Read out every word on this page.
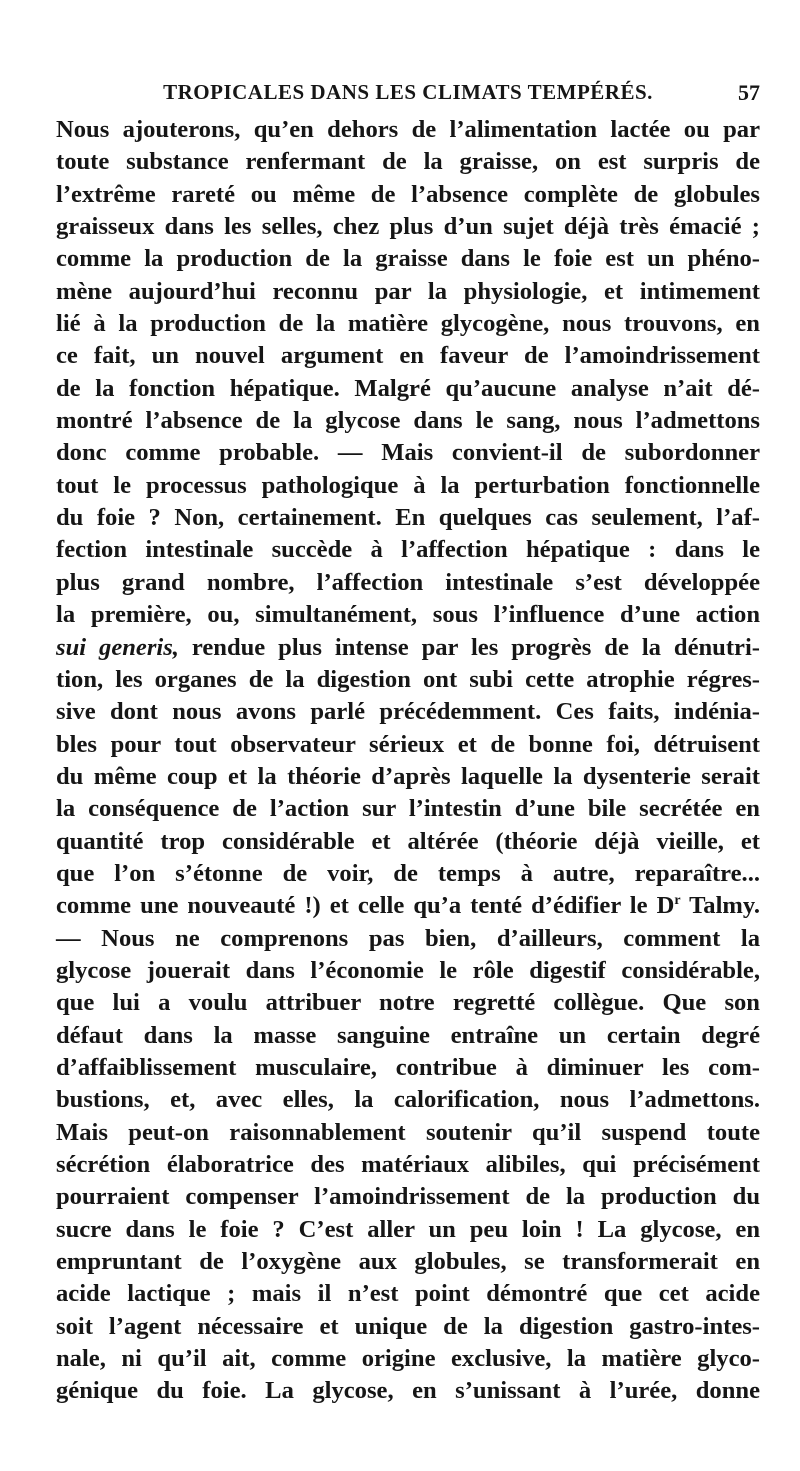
TROPICALES DANS LES CLIMATS TEMPÉRÉS.	57
Nous ajouterons, qu’en dehors de l’alimentation lactée ou par
toute substance renfermant de la graisse, on est surpris de
l’extrême rareté ou même de l’absence complète de globules
graisseux dans les selles, chez plus d’un sujet déjà très émacié ;
comme la production de la graisse dans le foie est un phéno-
mène aujourd’hui reconnu par la physiologie, et intimement
lié à la production de la matière glycogène, nous trouvons, en
ce fait, un nouvel argument en faveur de l’amoindrissement
de la fonction hépatique. Malgré qu’aucune analyse n’ait dé-
montré l’absence de la glycose dans le sang, nous l’admettons
donc comme probable. — Mais convient-il de subordonner
tout le processus pathologique à la perturbation fonctionnelle
du foie ? Non, certainement. En quelques cas seulement, l’af-
fection intestinale succède à l’affection hépatique : dans le
plus grand nombre, l’affection intestinale s’est développée
la première, ou, simultanément, sous l’influence d’une action
sui generis, rendue plus intense par les progrès de la dénutri-
tion, les organes de la digestion ont subi cette atrophie régres-
sive dont nous avons parlé précédemment. Ces faits, indénia-
bles pour tout observateur sérieux et de bonne foi, détruisent
du même coup et la théorie d’après laquelle la dysenterie serait
la conséquence de l’action sur l’intestin d’une bile secrétée en
quantité trop considérable et altérée (théorie déjà vieille, et
que l’on s’étonne de voir, de temps à autre, reparaître...
comme une nouveauté !) et celle qu’a tenté d’édifier le $D^r$ Talmy.
— Nous ne comprenons pas bien, d’ailleurs, comment la
glycose jouerait dans l’économie le rôle digestif considérable,
que lui a voulu attribuer notre regretté collègue. Que son
défaut dans la masse sanguine entraîne un certain degré
d’affaiblissement musculaire, contribue à diminuer les com-
bustions, et, avec elles, la calorification, nous l’admettons.
Mais peut-on raisonnablement soutenir qu’il suspend toute
sécrétion élaboratrice des matériaux alibiles, qui précisément
pourraient compenser l’amoindrissement de la production du
sucre dans le foie ? C’est aller un peu loin ! La glycose, en
empruntant de l’oxygène aux globules, se transformerait en
acide lactique ; mais il n’est point démontré que cet acide
soit l’agent nécessaire et unique de la digestion gastro-intes-
nale, ni qu’il ait, comme origine exclusive, la matière glyco-
génique du foie. La glycose, en s’unissant à l’urée, donne
